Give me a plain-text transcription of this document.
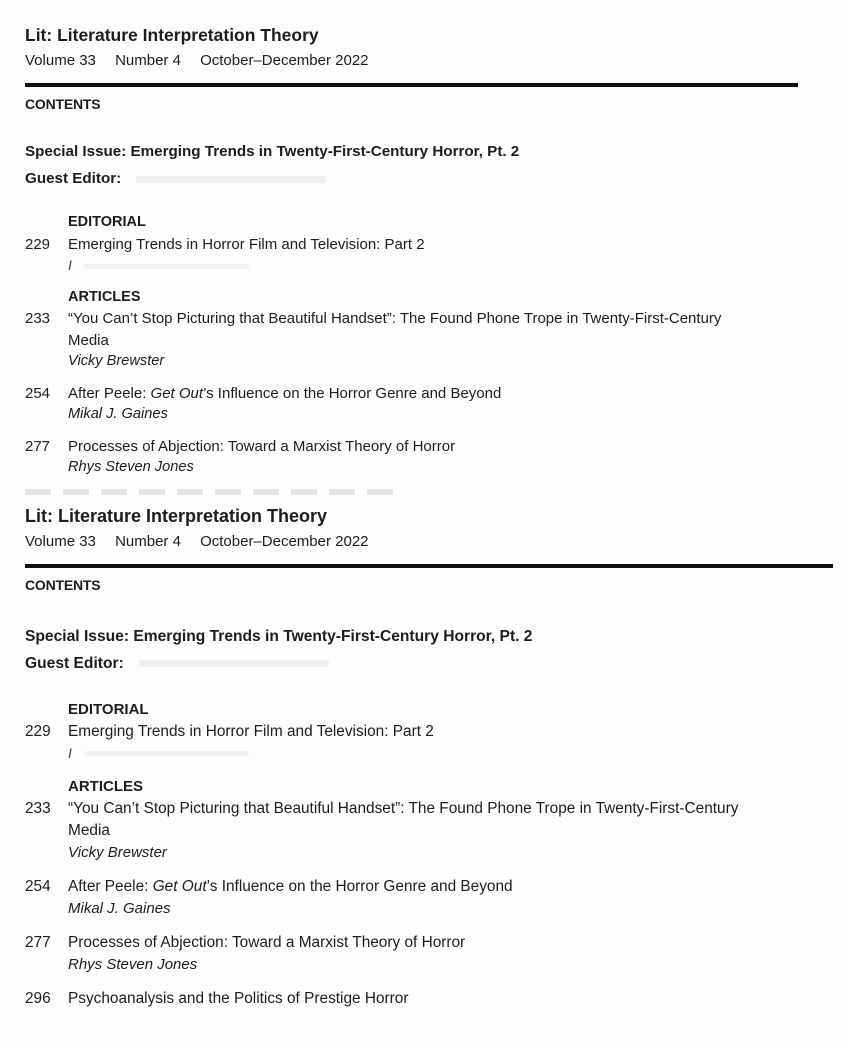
Lit: Literature Interpretation Theory
Volume 33 Number 4 October–December 2022
CONTENTS
Special Issue: Emerging Trends in Twenty-First-Century Horror, Pt. 2
Guest Editor:
EDITORIAL
229	Emerging Trends in Horror Film and Television: Part 2
I
ARTICLES
233	“You Can’t Stop Picturing that Beautiful Handset”: The Found Phone Trope in Twenty-First-Century
Media
Vicky Brewster
254	After Peele: Get Out’s Influence on the Horror Genre and Beyond
Mikal J. Gaines
277	Processes of Abjection: Toward a Marxist Theory of Horror
Rhys Steven Jones
Lit: Literature Interpretation Theory
Volume 33 Number 4 October–December 2022
CONTENTS
Special Issue: Emerging Trends in Twenty-First-Century Horror, Pt. 2
Guest Editor:
EDITORIAL
229	Emerging Trends in Horror Film and Television: Part 2
I
ARTICLES
233	“You Can’t Stop Picturing that Beautiful Handset”: The Found Phone Trope in Twenty-First-Century
Media
Vicky Brewster
254	After Peele: Get Out’s Influence on the Horror Genre and Beyond
Mikal J. Gaines
277	Processes of Abjection: Toward a Marxist Theory of Horror
Rhys Steven Jones
296	Psychoanalysis and the Politics of Prestige Horror
